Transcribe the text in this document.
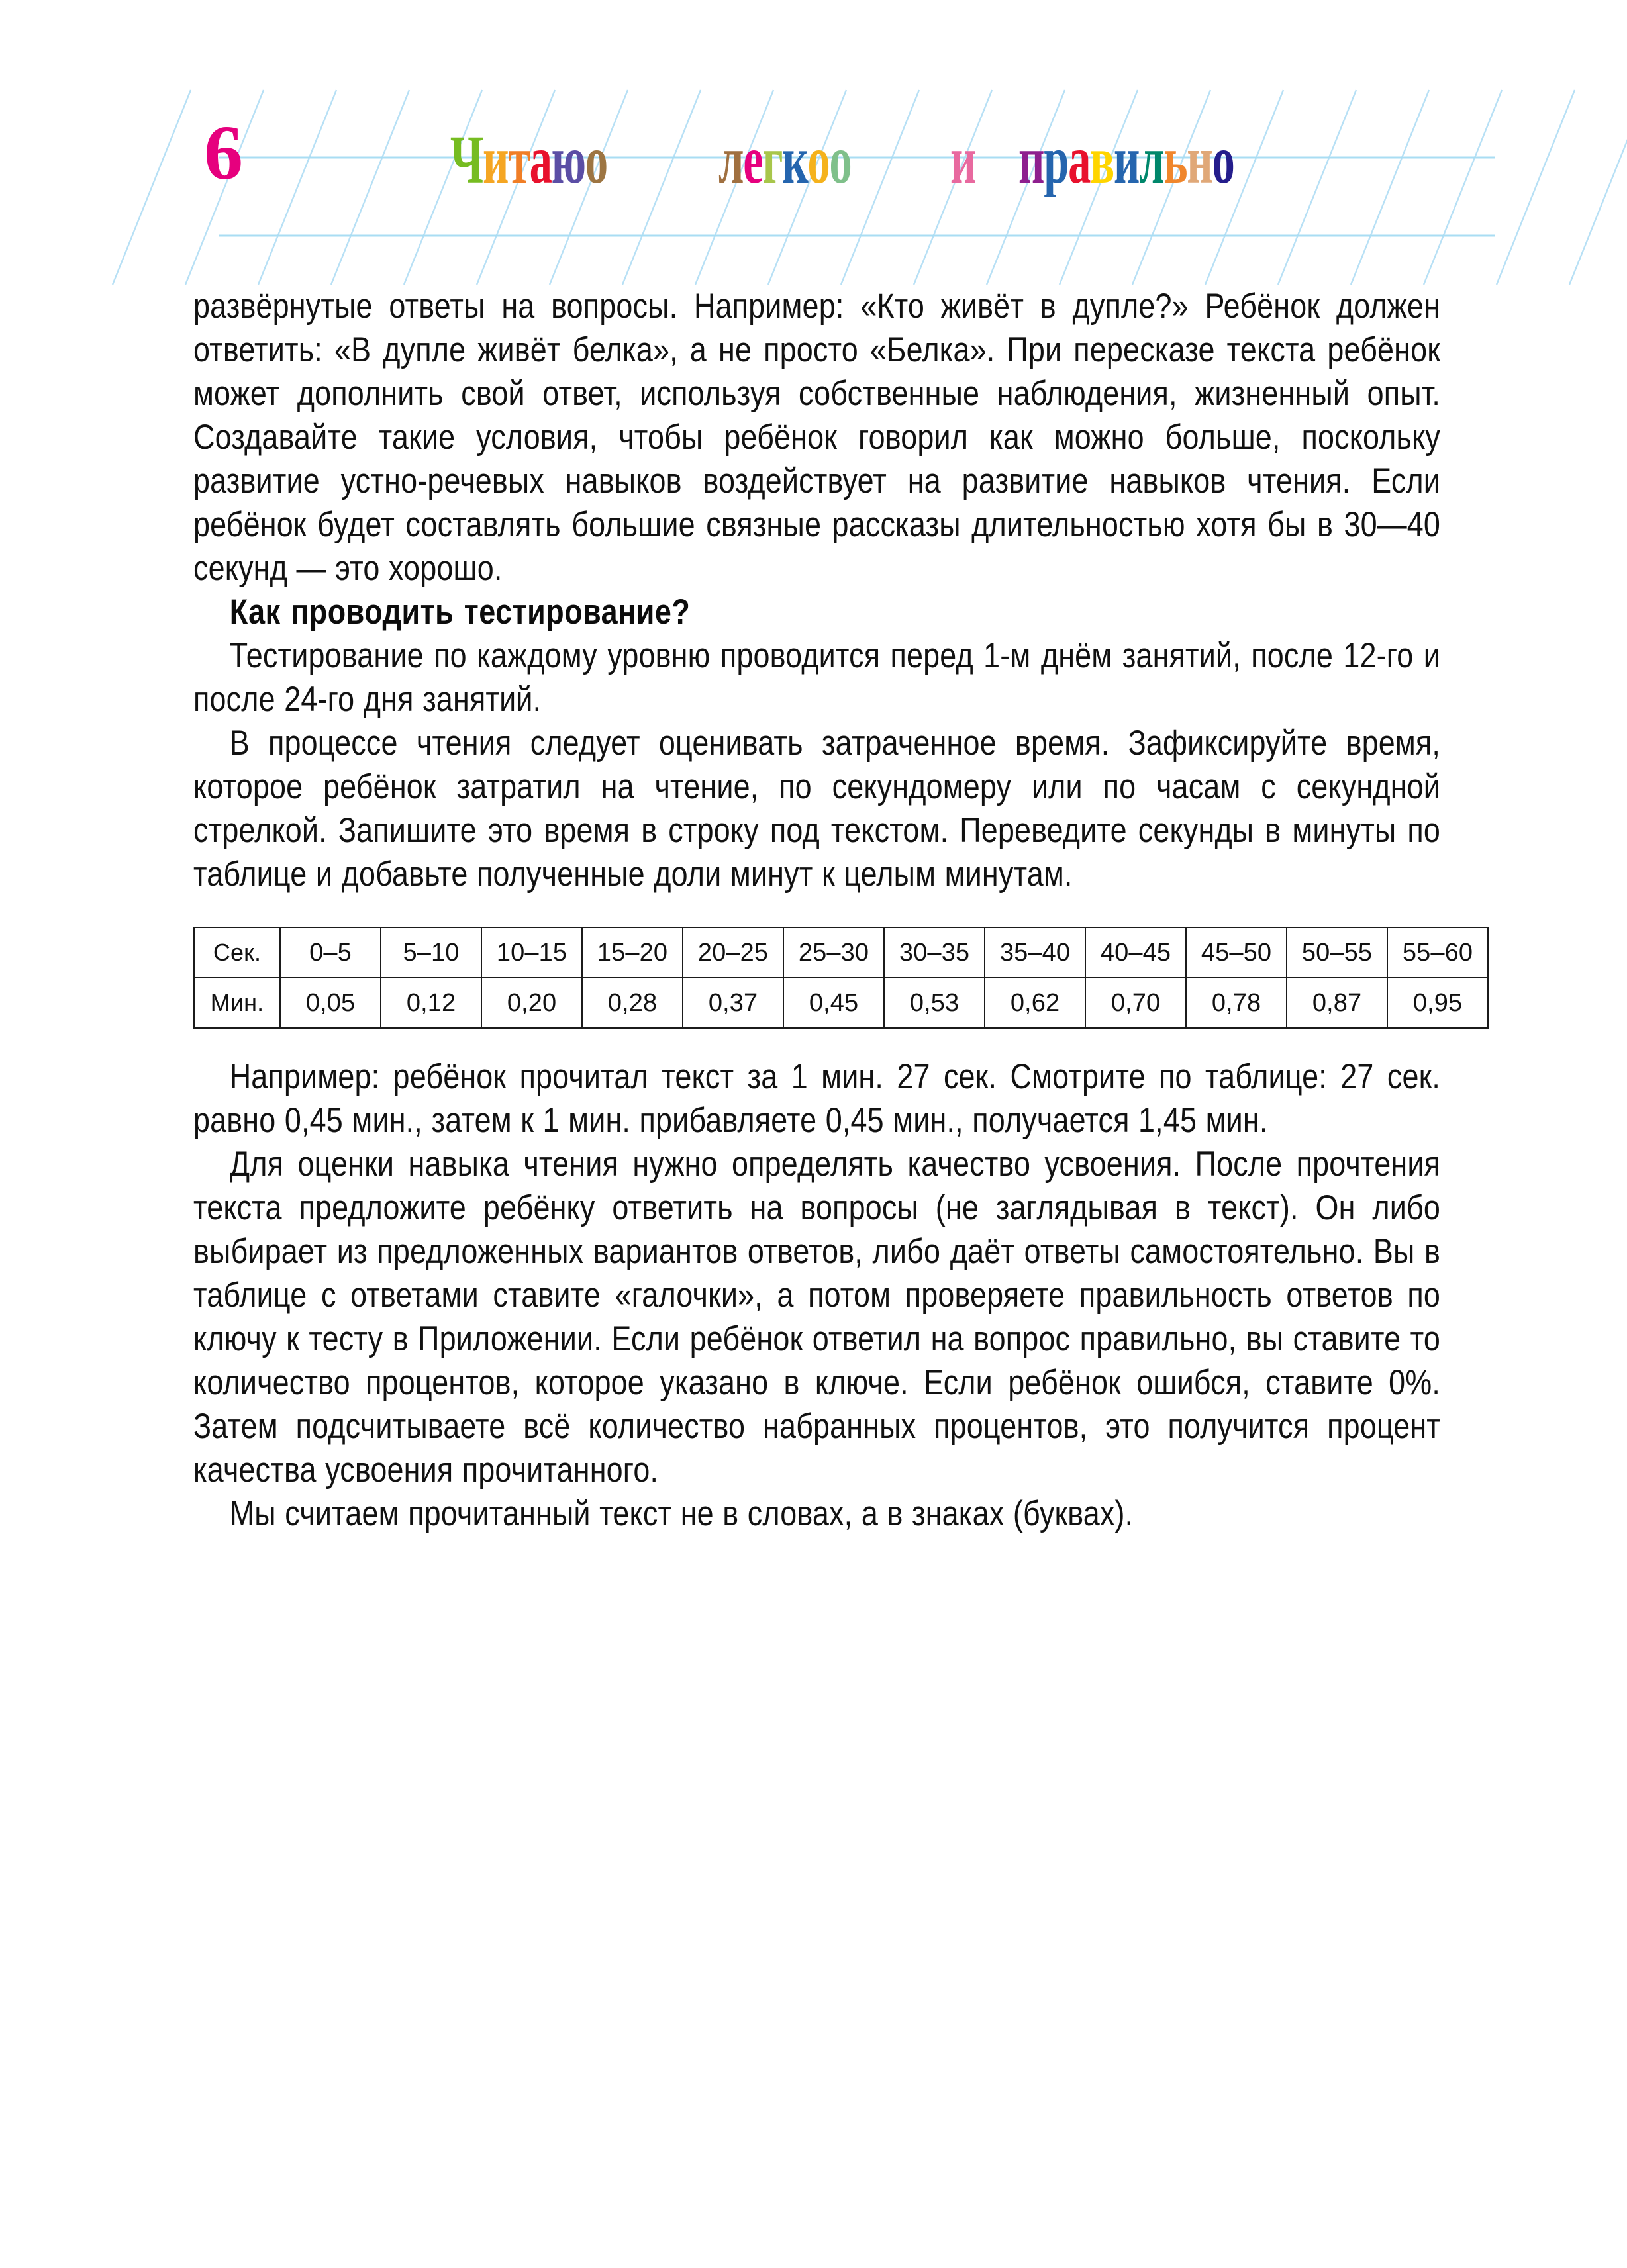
6	Читаюо легкоо и правильно

развёрнутые ответы на вопросы. Например: «Кто живёт в дупле?» Ребёнок должен ответить: «В дупле живёт белка», а не просто «Белка». При пересказе текста ребёнок может дополнить свой ответ, используя собственные наблюдения, жизненный опыт. Создавайте такие условия, чтобы ребёнок говорил как можно больше, поскольку развитие устно-речевых навыков воздействует на развитие навыков чтения. Если ребёнок будет составлять большие связные рассказы длительностью хотя бы в 30—40 секунд — это хорошо.

Как проводить тестирование?

Тестирование по каждому уровню проводится перед 1-м днём занятий, после 12-го и после 24-го дня занятий.

В процессе чтения следует оценивать затраченное время. Зафиксируйте время, которое ребёнок затратил на чтение, по секундомеру или по часам с секундной стрелкой. Запишите это время в строку под текстом. Переведите секунды в минуты по таблице и добавьте полученные доли минут к целым минутам.

Сек.	0–5	5–10	10–15	15–20	20–25	25–30	30–35	35–40	40–45	45–50	50–55	55–60
Мин.	0,05	0,12	0,20	0,28	0,37	0,45	0,53	0,62	0,70	0,78	0,87	0,95

Например: ребёнок прочитал текст за 1 мин. 27 сек. Смотрите по таблице: 27 сек. равно 0,45 мин., затем к 1 мин. прибавляете 0,45 мин., получается 1,45 мин.

Для оценки навыка чтения нужно определять качество усвоения. После прочтения текста предложите ребёнку ответить на вопросы (не заглядывая в текст). Он либо выбирает из предложенных вариантов ответов, либо даёт ответы самостоятельно. Вы в таблице с ответами ставите «галочки», а потом проверяете правильность ответов по ключу к тесту в Приложении. Если ребёнок ответил на вопрос правильно, вы ставите то количество процентов, которое указано в ключе. Если ребёнок ошибся, ставите 0%. Затем подсчитываете всё количество набранных процентов, это получится процент качества усвоения прочитанного.

Мы считаем прочитанный текст не в словах, а в знаках (буквах).
